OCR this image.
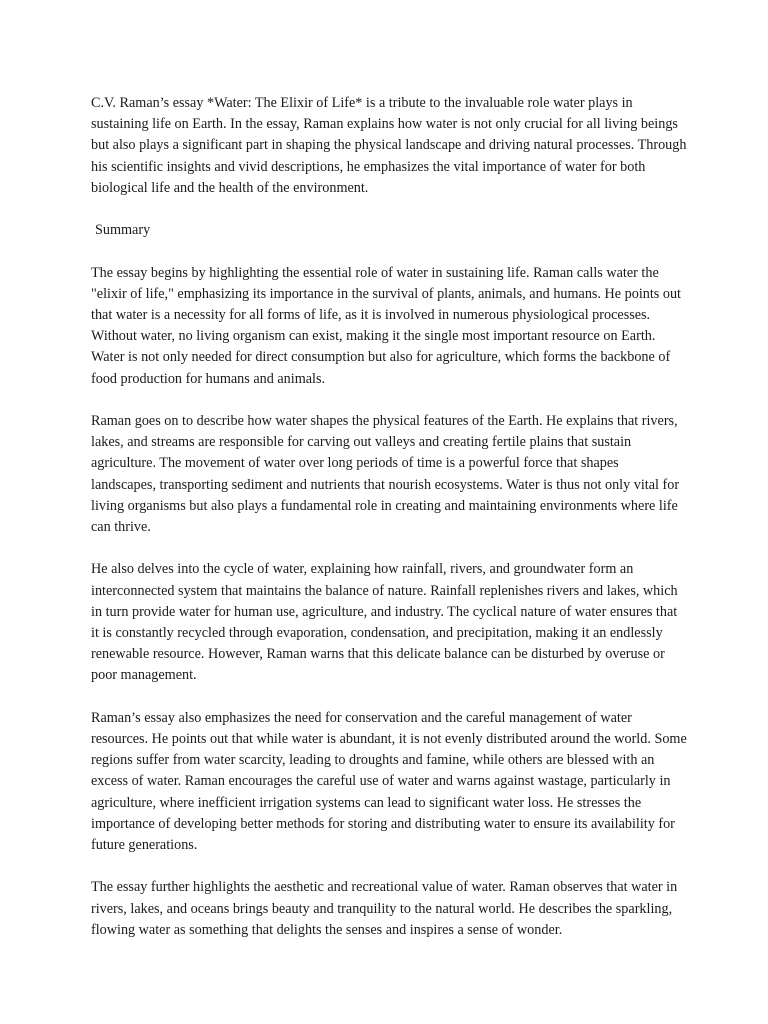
C.V. Raman’s essay *Water: The Elixir of Life* is a tribute to the invaluable role water plays in sustaining life on Earth. In the essay, Raman explains how water is not only crucial for all living beings but also plays a significant part in shaping the physical landscape and driving natural processes. Through his scientific insights and vivid descriptions, he emphasizes the vital importance of water for both biological life and the health of the environment.

Summary

The essay begins by highlighting the essential role of water in sustaining life. Raman calls water the "elixir of life," emphasizing its importance in the survival of plants, animals, and humans. He points out that water is a necessity for all forms of life, as it is involved in numerous physiological processes. Without water, no living organism can exist, making it the single most important resource on Earth. Water is not only needed for direct consumption but also for agriculture, which forms the backbone of food production for humans and animals.

Raman goes on to describe how water shapes the physical features of the Earth. He explains that rivers, lakes, and streams are responsible for carving out valleys and creating fertile plains that sustain agriculture. The movement of water over long periods of time is a powerful force that shapes landscapes, transporting sediment and nutrients that nourish ecosystems. Water is thus not only vital for living organisms but also plays a fundamental role in creating and maintaining environments where life can thrive.

He also delves into the cycle of water, explaining how rainfall, rivers, and groundwater form an interconnected system that maintains the balance of nature. Rainfall replenishes rivers and lakes, which in turn provide water for human use, agriculture, and industry. The cyclical nature of water ensures that it is constantly recycled through evaporation, condensation, and precipitation, making it an endlessly renewable resource. However, Raman warns that this delicate balance can be disturbed by overuse or poor management.

Raman’s essay also emphasizes the need for conservation and the careful management of water resources. He points out that while water is abundant, it is not evenly distributed around the world. Some regions suffer from water scarcity, leading to droughts and famine, while others are blessed with an excess of water. Raman encourages the careful use of water and warns against wastage, particularly in agriculture, where inefficient irrigation systems can lead to significant water loss. He stresses the importance of developing better methods for storing and distributing water to ensure its availability for future generations.

The essay further highlights the aesthetic and recreational value of water. Raman observes that water in rivers, lakes, and oceans brings beauty and tranquility to the natural world. He describes the sparkling, flowing water as something that delights the senses and inspires a sense of wonder.
